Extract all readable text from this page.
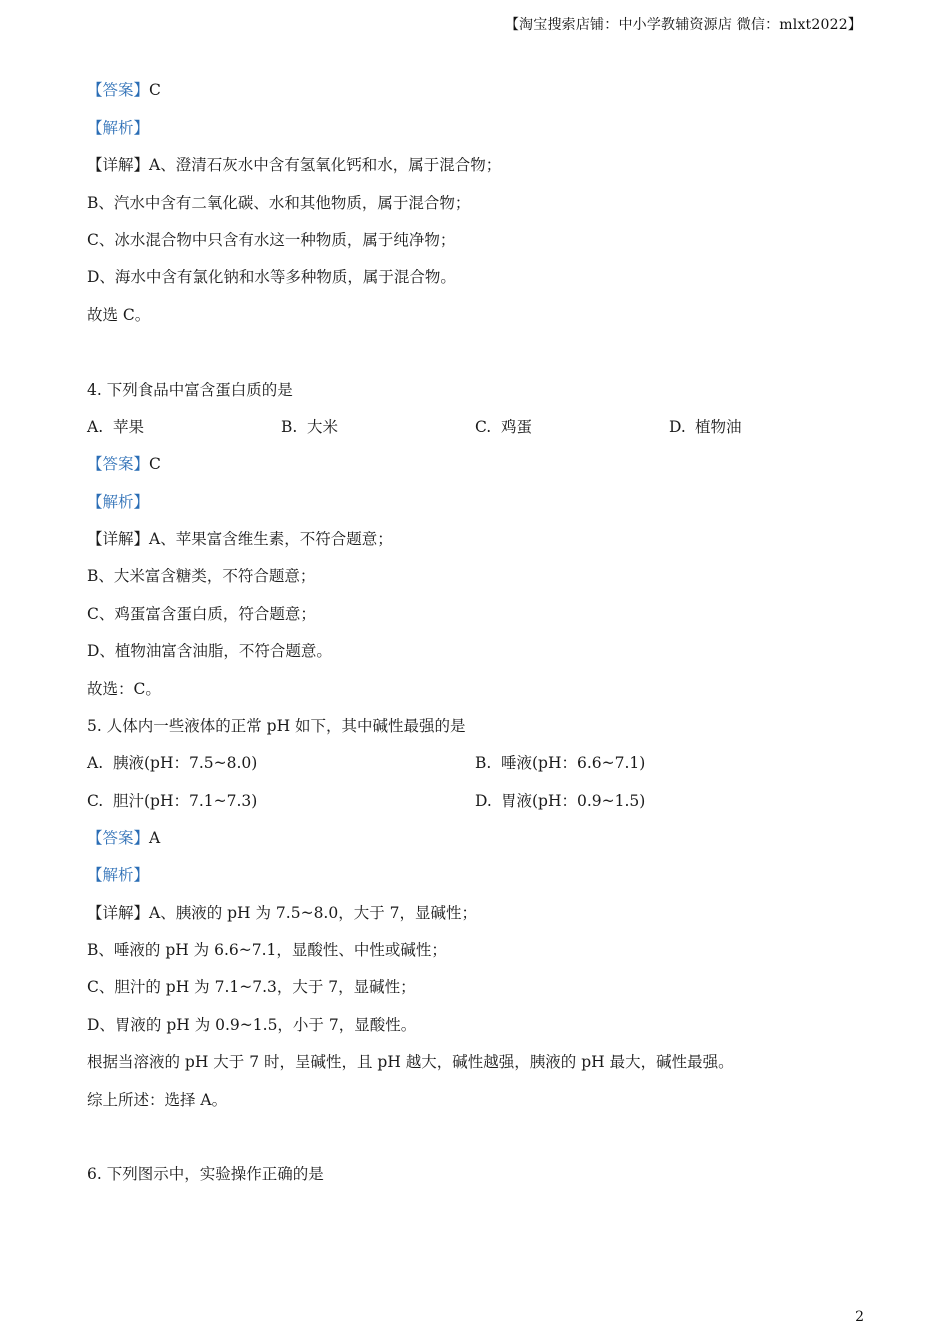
【淘宝搜索店铺：中小学教辅资源店 微信：mlxt2022】
【答案】C
【解析】
【详解】A、澄清石灰水中含有氢氧化钙和水，属于混合物；
B、汽水中含有二氧化碳、水和其他物质，属于混合物；
C、冰水混合物中只含有水这一种物质，属于纯净物；
D、海水中含有氯化钠和水等多种物质，属于混合物。
故选 C。
4. 下列食品中富含蛋白质的是
A. 苹果	B. 大米	C. 鸡蛋	D. 植物油
【答案】C
【解析】
【详解】A、苹果富含维生素，不符合题意；
B、大米富含糖类，不符合题意；
C、鸡蛋富含蛋白质，符合题意；
D、植物油富含油脂，不符合题意。
故选：C。
5. 人体内一些液体的正常 pH 如下，其中碱性最强的是
A. 胰液(pH：7.5~8.0)	B. 唾液(pH：6.6~7.1)
C. 胆汁(pH：7.1~7.3)	D. 胃液(pH：0.9~1.5)
【答案】A
【解析】
【详解】A、胰液的 pH 为 7.5~8.0，大于 7，显碱性；
B、唾液的 pH 为 6.6~7.1，显酸性、中性或碱性；
C、胆汁的 pH 为 7.1~7.3，大于 7，显碱性；
D、胃液的 pH 为 0.9~1.5，小于 7，显酸性。
根据当溶液的 pH 大于 7 时，呈碱性，且 pH 越大，碱性越强，胰液的 pH 最大，碱性最强。
综上所述：选择 A。
6. 下列图示中，实验操作正确的是
2
